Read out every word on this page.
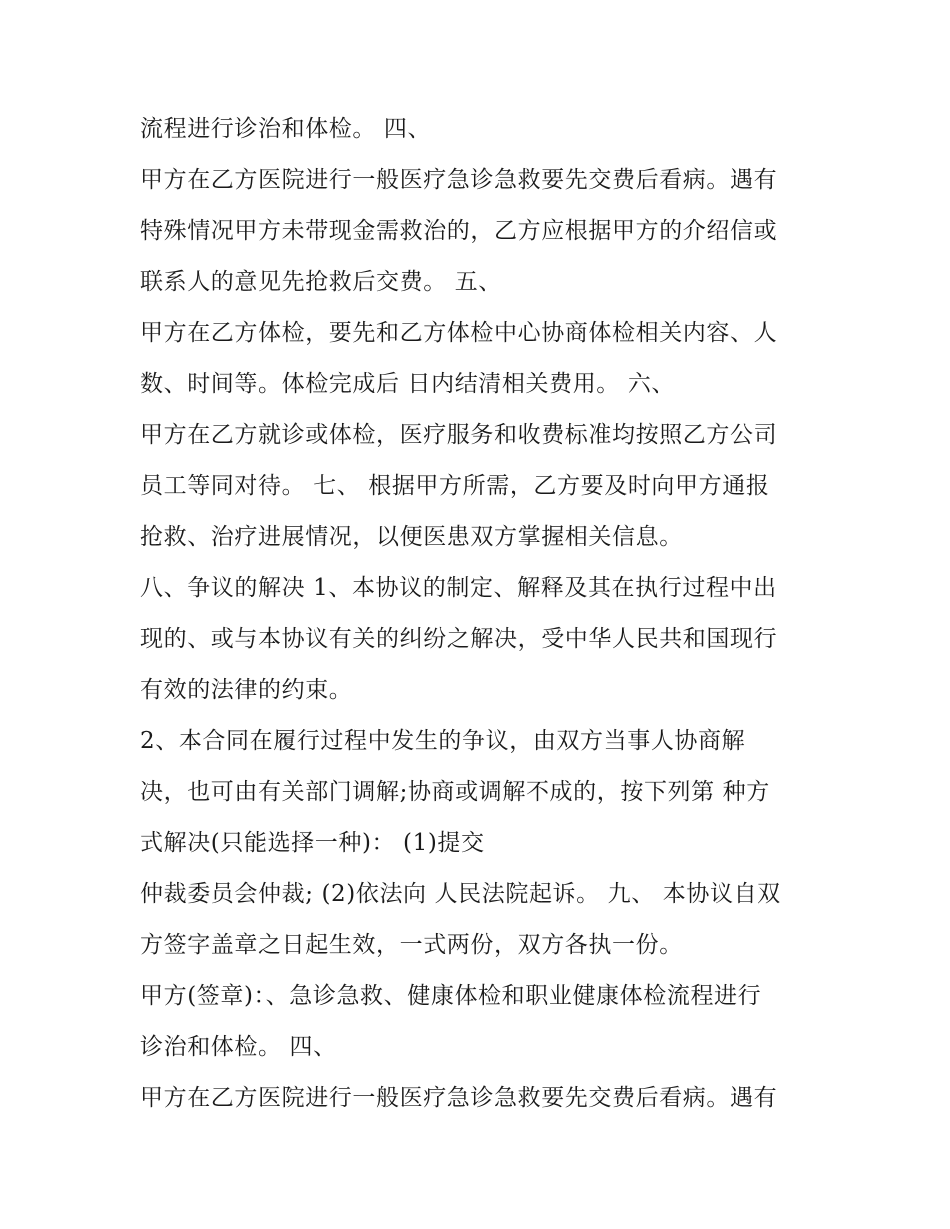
流程进行诊治和体检。 四、
甲方在乙方医院进行一般医疗急诊急救要先交费后看病。遇有
特殊情况甲方未带现金需救治的，乙方应根据甲方的介绍信或
联系人的意见先抢救后交费。 五、
甲方在乙方体检，要先和乙方体检中心协商体检相关内容、人
数、时间等。体检完成后 日内结清相关费用。 六、
甲方在乙方就诊或体检，医疗服务和收费标准均按照乙方公司
员工等同对待。 七、 根据甲方所需，乙方要及时向甲方通报
抢救、治疗进展情况，以便医患双方掌握相关信息。
八、争议的解决 1、本协议的制定、解释及其在执行过程中出
现的、或与本协议有关的纠纷之解决，受中华人民共和国现行
有效的法律的约束。
2、本合同在履行过程中发生的争议，由双方当事人协商解
决，也可由有关部门调解;协商或调解不成的，按下列第 种方
式解决(只能选择一种)： (1)提交
仲裁委员会仲裁; (2)依法向 人民法院起诉。 九、 本协议自双
方签字盖章之日起生效，一式两份，双方各执一份。
甲方(签章)：、急诊急救、健康体检和职业健康体检流程进行
诊治和体检。 四、
甲方在乙方医院进行一般医疗急诊急救要先交费后看病。遇有
